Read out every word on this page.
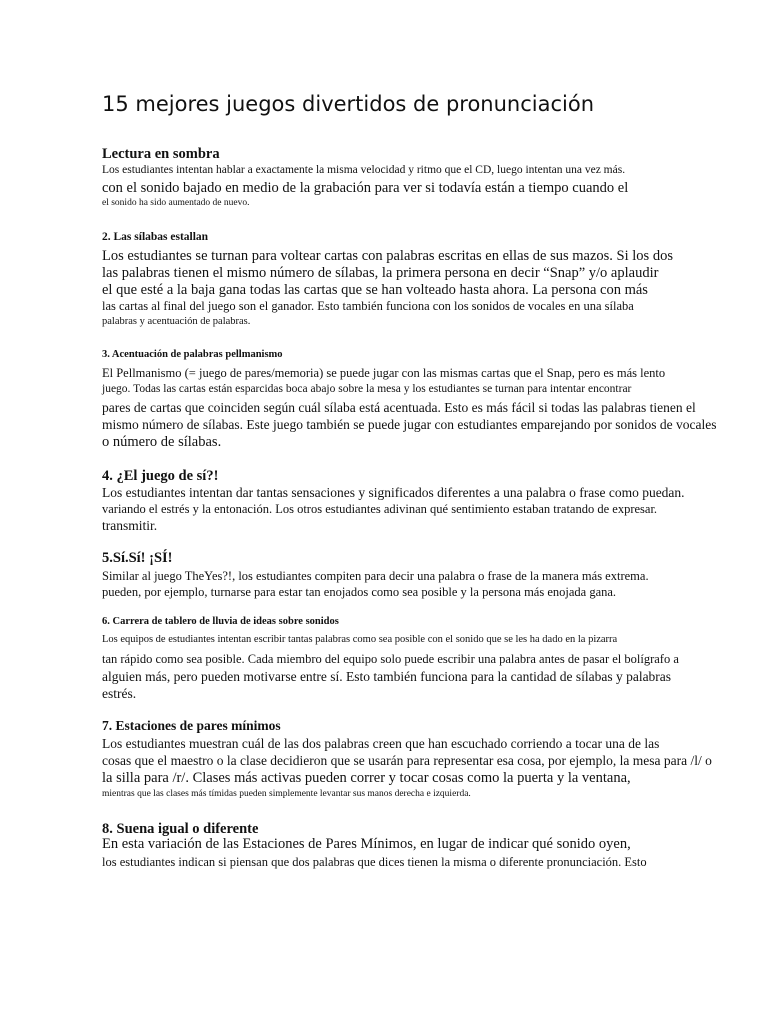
15 mejores juegos divertidos de pronunciación
Lectura en sombra

Los estudiantes intentan hablar a exactamente la misma velocidad y ritmo que el CD, luego intentan una vez más.

con el sonido bajado en medio de la grabación para ver si todavía están a tiempo cuando el

el sonido ha sido aumentado de nuevo.

2. Las sílabas estallan

Los estudiantes se turnan para voltear cartas con palabras escritas en ellas de sus mazos. Si los dos

las palabras tienen el mismo número de sílabas, la primera persona en decir “Snap” y/o aplaudir

el que esté a la baja gana todas las cartas que se han volteado hasta ahora. La persona con más

las cartas al final del juego son el ganador. Esto también funciona con los sonidos de vocales en una sílaba

palabras y acentuación de palabras.

3. Acentuación de palabras pellmanismo

El Pellmanismo (= juego de pares/memoria) se puede jugar con las mismas cartas que el Snap, pero es más lento

juego. Todas las cartas están esparcidas boca abajo sobre la mesa y los estudiantes se turnan para intentar encontrar

pares de cartas que coinciden según cuál sílaba está acentuada. Esto es más fácil si todas las palabras tienen el

mismo número de sílabas. Este juego también se puede jugar con estudiantes emparejando por sonidos de vocales

o número de sílabas.

4. ¿El juego de sí?!

Los estudiantes intentan dar tantas sensaciones y significados diferentes a una palabra o frase como puedan.

variando el estrés y la entonación. Los otros estudiantes adivinan qué sentimiento estaban tratando de expresar.

transmitir.

5.Sí.Sí! ¡SÍ!

Similar al juego TheYes?!, los estudiantes compiten para decir una palabra o frase de la manera más extrema.

pueden, por ejemplo, turnarse para estar tan enojados como sea posible y la persona más enojada gana.

6. Carrera de tablero de lluvia de ideas sobre sonidos

Los equipos de estudiantes intentan escribir tantas palabras como sea posible con el sonido que se les ha dado en la pizarra

tan rápido como sea posible. Cada miembro del equipo solo puede escribir una palabra antes de pasar el bolígrafo a

alguien más, pero pueden motivarse entre sí. Esto también funciona para la cantidad de sílabas y palabras

estrés.

7. Estaciones de pares mínimos

Los estudiantes muestran cuál de las dos palabras creen que han escuchado corriendo a tocar una de las

cosas que el maestro o la clase decidieron que se usarán para representar esa cosa, por ejemplo, la mesa para /l/ o

la silla para /r/. Clases más activas pueden correr y tocar cosas como la puerta y la ventana,

mientras que las clases más tímidas pueden simplemente levantar sus manos derecha e izquierda.

8. Suena igual o diferente

En esta variación de las Estaciones de Pares Mínimos, en lugar de indicar qué sonido oyen,

los estudiantes indican si piensan que dos palabras que dices tienen la misma o diferente pronunciación. Esto
